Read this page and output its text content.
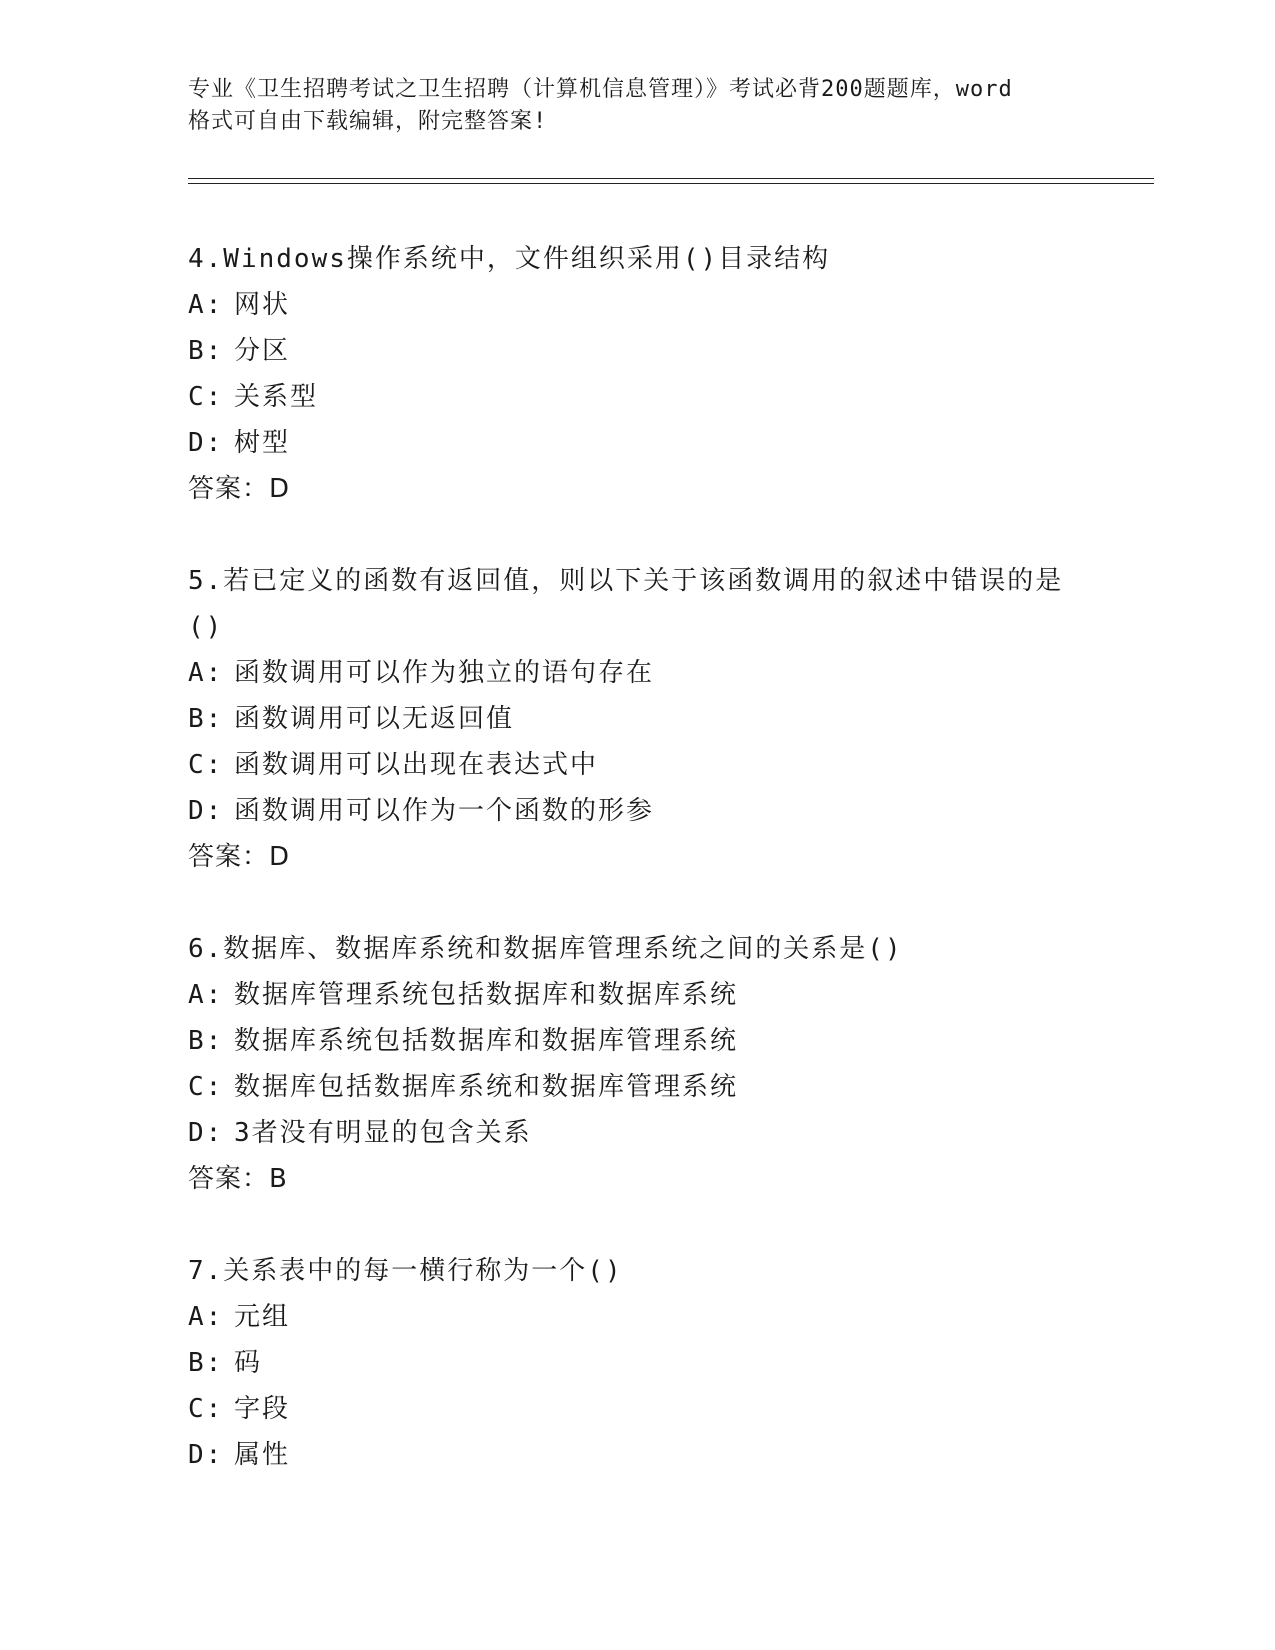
专业《卫生招聘考试之卫生招聘（计算机信息管理）》考试必背200题题库，word
格式可自由下载编辑，附完整答案!
4.Windows操作系统中，文件组织采用()目录结构
A: 网状
B: 分区
C: 关系型
D: 树型
答案：D
5.若已定义的函数有返回值，则以下关于该函数调用的叙述中错误的是()
A: 函数调用可以作为独立的语句存在
B: 函数调用可以无返回值
C: 函数调用可以出现在表达式中
D: 函数调用可以作为一个函数的形参
答案：D
6.数据库、数据库系统和数据库管理系统之间的关系是()
A: 数据库管理系统包括数据库和数据库系统
B: 数据库系统包括数据库和数据库管理系统
C: 数据库包括数据库系统和数据库管理系统
D: 3者没有明显的包含关系
答案：B
7.关系表中的每一横行称为一个()
A: 元组
B: 码
C: 字段
D: 属性
